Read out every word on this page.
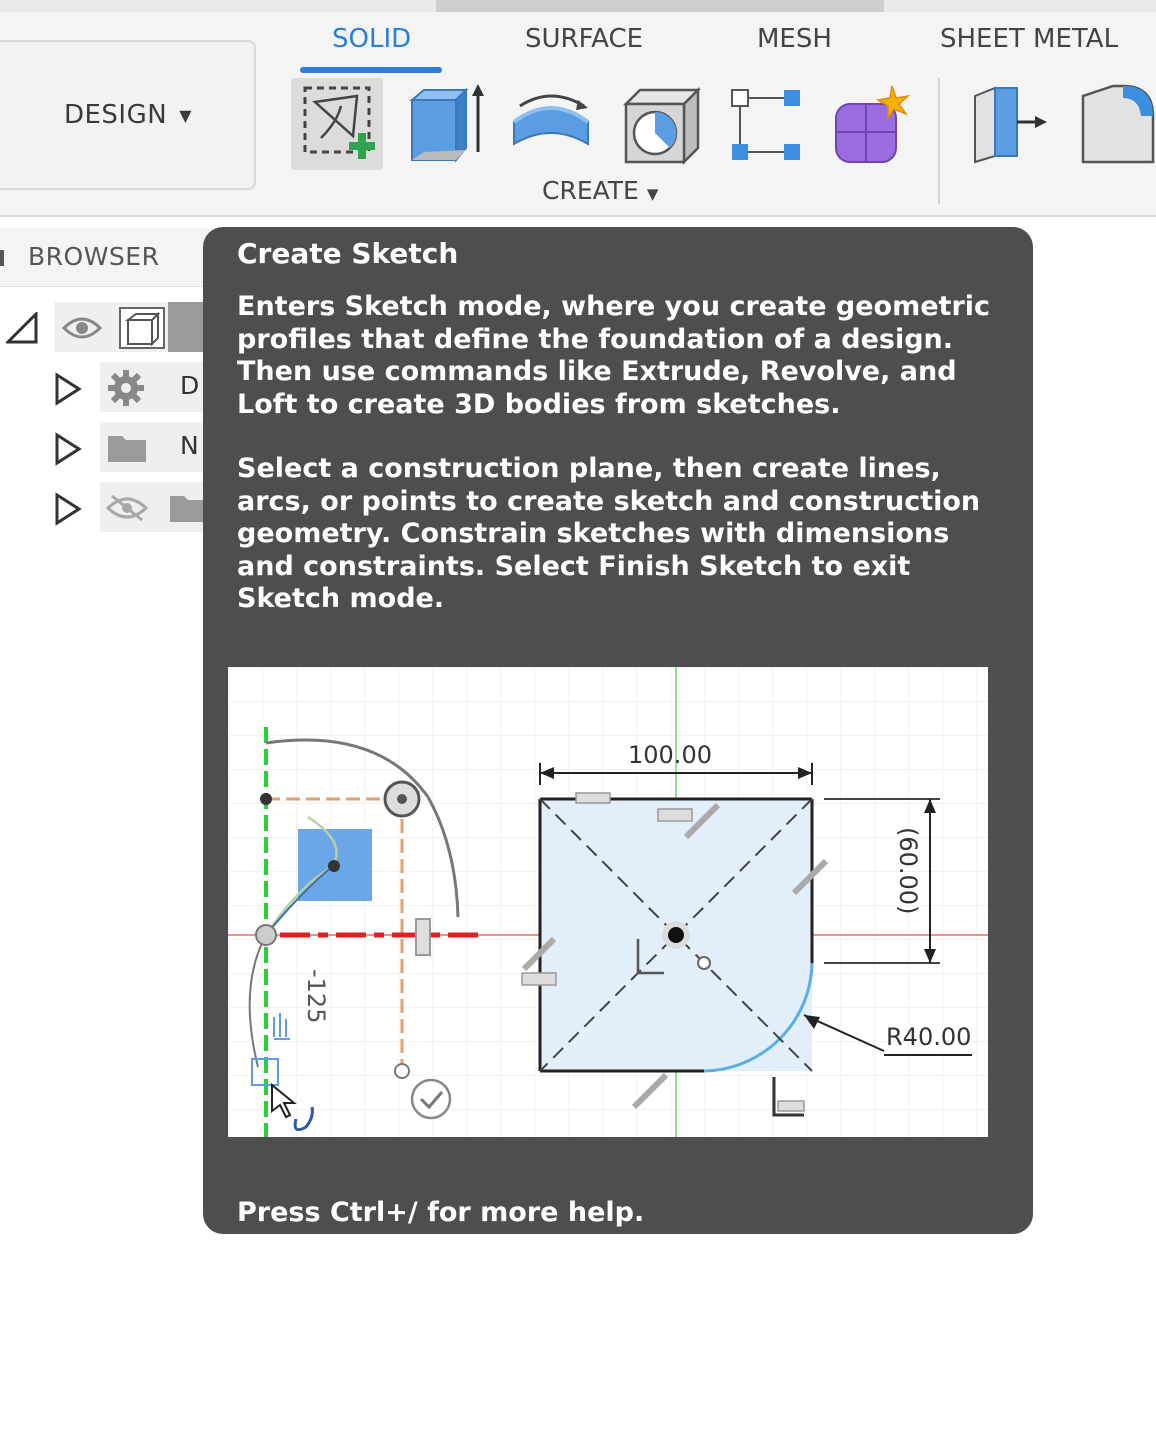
DESIGN ▼
SOLID	SURFACE	MESH	SHEET METAL
CREATE ▼
BROWSER
D
N
Create Sketch

Enters Sketch mode, where you create geometric profiles that define the foundation of a design. Then use commands like Extrude, Revolve, and Loft to create 3D bodies from sketches.

Select a construction plane, then create lines, arcs, or points to create sketch and construction geometry. Constrain sketches with dimensions and constraints. Select Finish Sketch to exit Sketch mode.

-125
100.00
(60.00)
R40.00
Press Ctrl+/ for more help.
